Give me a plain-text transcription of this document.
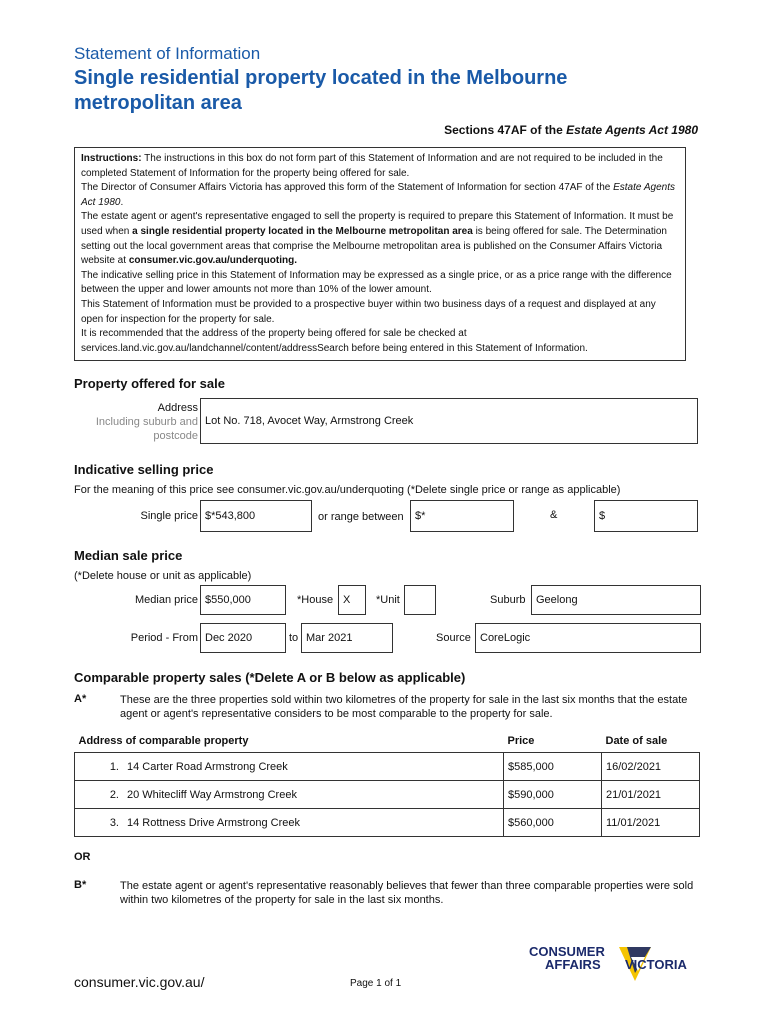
Statement of Information
Single residential property located in the Melbourne metropolitan area
Sections 47AF of the Estate Agents Act 1980

Instructions: The instructions in this box do not form part of this Statement of Information and are not required to be included in the completed Statement of Information for the property being offered for sale.

The Director of Consumer Affairs Victoria has approved this form of the Statement of Information for section 47AF of the Estate Agents Act 1980.

The estate agent or agent's representative engaged to sell the property is required to prepare this Statement of Information. It must be used when a single residential property located in the Melbourne metropolitan area is being offered for sale. The Determination setting out the local government areas that comprise the Melbourne metropolitan area is published on the Consumer Affairs Victoria website at consumer.vic.gov.au/underquoting.

The indicative selling price in this Statement of Information may be expressed as a single price, or as a price range with the difference between the upper and lower amounts not more than 10% of the lower amount.

This Statement of Information must be provided to a prospective buyer within two business days of a request and displayed at any open for inspection for the property for sale.

It is recommended that the address of the property being offered for sale be checked at services.land.vic.gov.au/landchannel/content/addressSearch before being entered in this Statement of Information.

Property offered for sale
Address
Including suburb and
postcode
Lot No. 718, Avocet Way, Armstrong Creek
Indicative selling price
For the meaning of this price see consumer.vic.gov.au/underquoting (*Delete single price or range as applicable)
Single price $*543,800	or range between	$*	&	$
Median sale price
(*Delete house or unit as applicable)
Median price $550,000	*House X	*Unit	Suburb Geelong
Period - From Dec 2020	to Mar 2021	Source CoreLogic
Comparable property sales (*Delete A or B below as applicable)
A*	These are the three properties sold within two kilometres of the property for sale in the last six months that the estate agent or agent's representative considers to be most comparable to the property for sale.
Address of comparable property		Price	Date of sale
1.	14 Carter Road Armstrong Creek	$585,000	16/02/2021
2.	20 Whitecliff Way Armstrong Creek	$590,000	21/01/2021
3.	14 Rottness Drive Armstrong Creek	$560,000	11/01/2021
OR
B*	The estate agent or agent's representative reasonably believes that fewer than three comparable properties were sold within two kilometres of the property for sale in the last six months.
CONSUMER
AFFAIRS VICTORIA
consumer.vic.gov.au/	Page 1 of 1
